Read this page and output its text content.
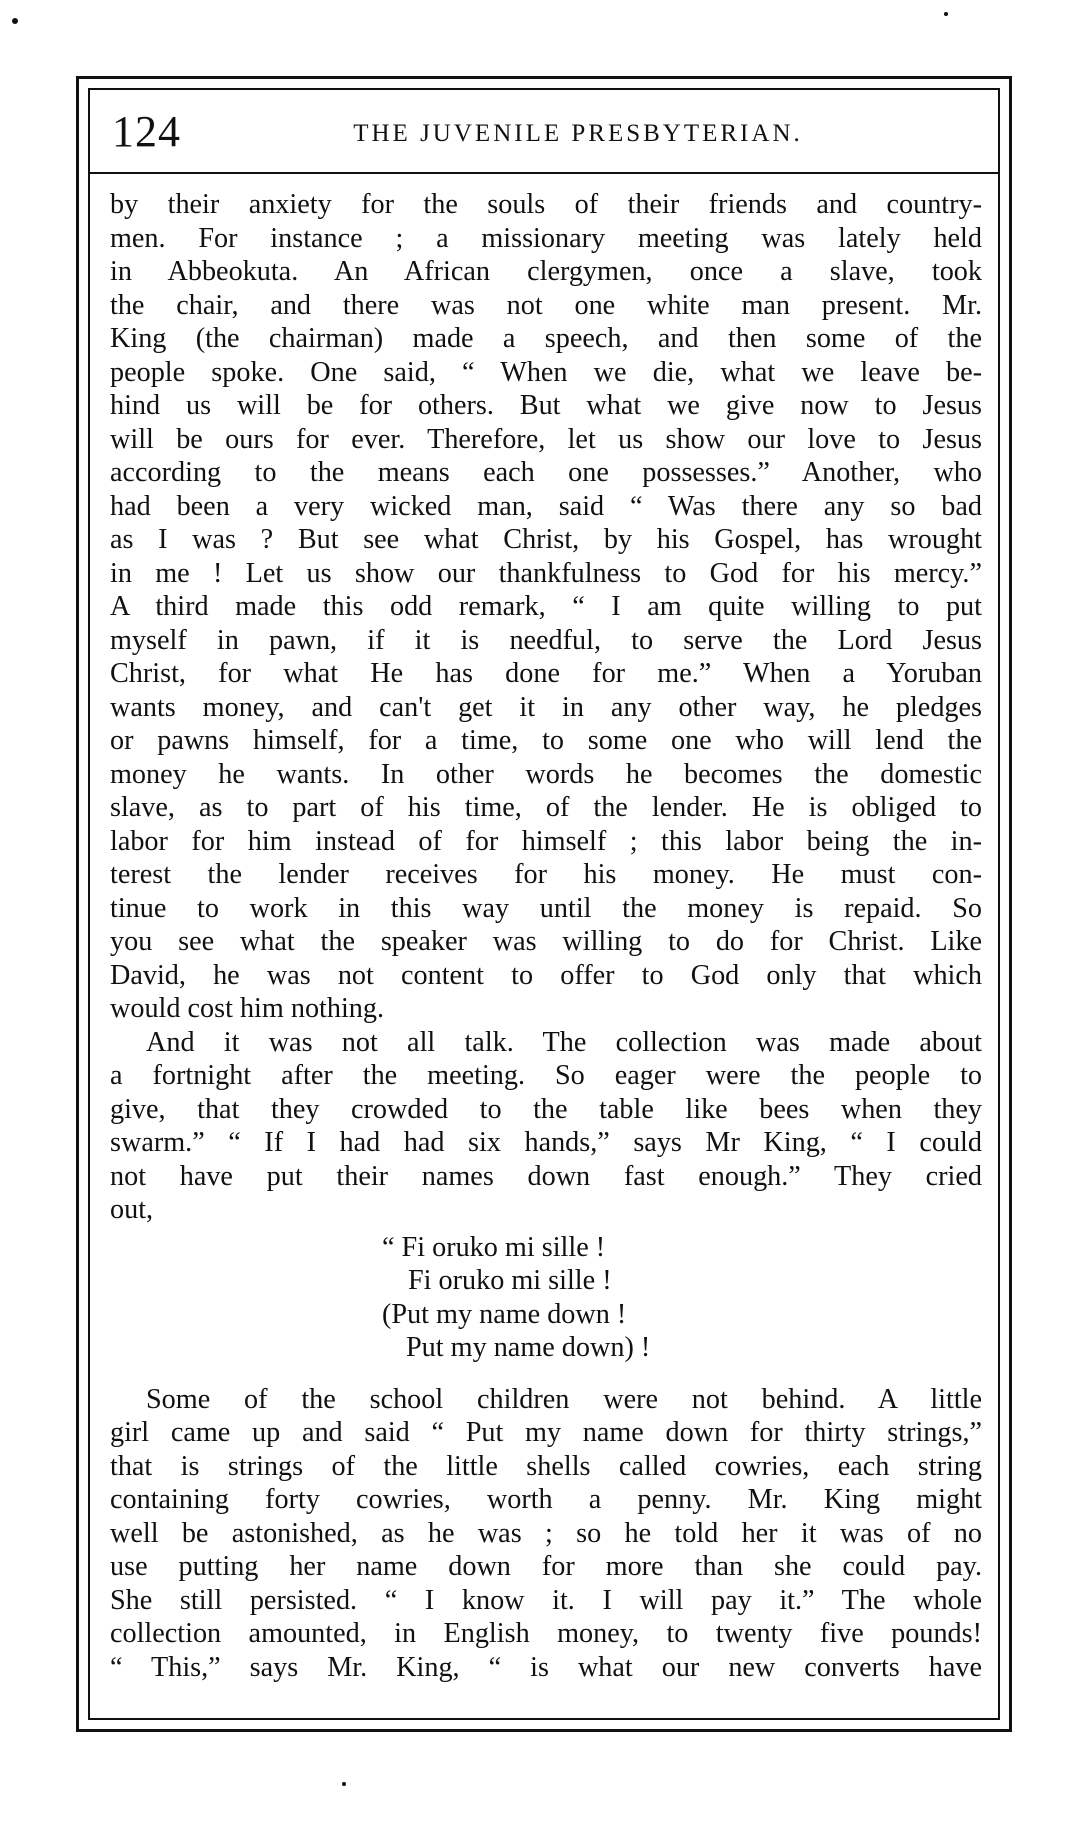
124	THE JUVENILE PRESBYTERIAN.
by their anxiety for the souls of their friends and country-
men. For instance ; a missionary meeting was lately held
in Abbeokuta. An African clergymen, once a slave, took
the chair, and there was not one white man present. Mr.
King (the chairman) made a speech, and then some of the
people spoke. One said, “ When we die, what we leave be-
hind us will be for others. But what we give now to Jesus
will be ours for ever. Therefore, let us show our love to Jesus
according to the means each one possesses.” Another, who
had been a very wicked man, said “ Was there any so bad
as I was ? But see what Christ, by his Gospel, has wrought
in me ! Let us show our thankfulness to God for his mercy.”
A third made this odd remark, “ I am quite willing to put
myself in pawn, if it is needful, to serve the Lord Jesus
Christ, for what He has done for me.” When a Yoruban
wants money, and can't get it in any other way, he pledges
or pawns himself, for a time, to some one who will lend the
money he wants. In other words he becomes the domestic
slave, as to part of his time, of the lender. He is obliged to
labor for him instead of for himself ; this labor being the in-
terest the lender receives for his money. He must con-
tinue to work in this way until the money is repaid. So
you see what the speaker was willing to do for Christ. Like
David, he was not content to offer to God only that which
would cost him nothing.
And it was not all talk. The collection was made about
a fortnight after the meeting. So eager were the people to
give, that they crowded to the table like bees when they
swarm.” “ If I had had six hands,” says Mr King, “ I could
not have put their names down fast enough.” They cried
out,
“ Fi oruko mi sille !
Fi oruko mi sille !
(Put my name down !
Put my name down) !
Some of the school children were not behind. A little
girl came up and said “ Put my name down for thirty strings,”
that is strings of the little shells called cowries, each string
containing forty cowries, worth a penny. Mr. King might
well be astonished, as he was ; so he told her it was of no
use putting her name down for more than she could pay.
She still persisted. “ I know it. I will pay it.” The whole
collection amounted, in English money, to twenty five pounds!
“ This,” says Mr. King, “ is what our new converts have
